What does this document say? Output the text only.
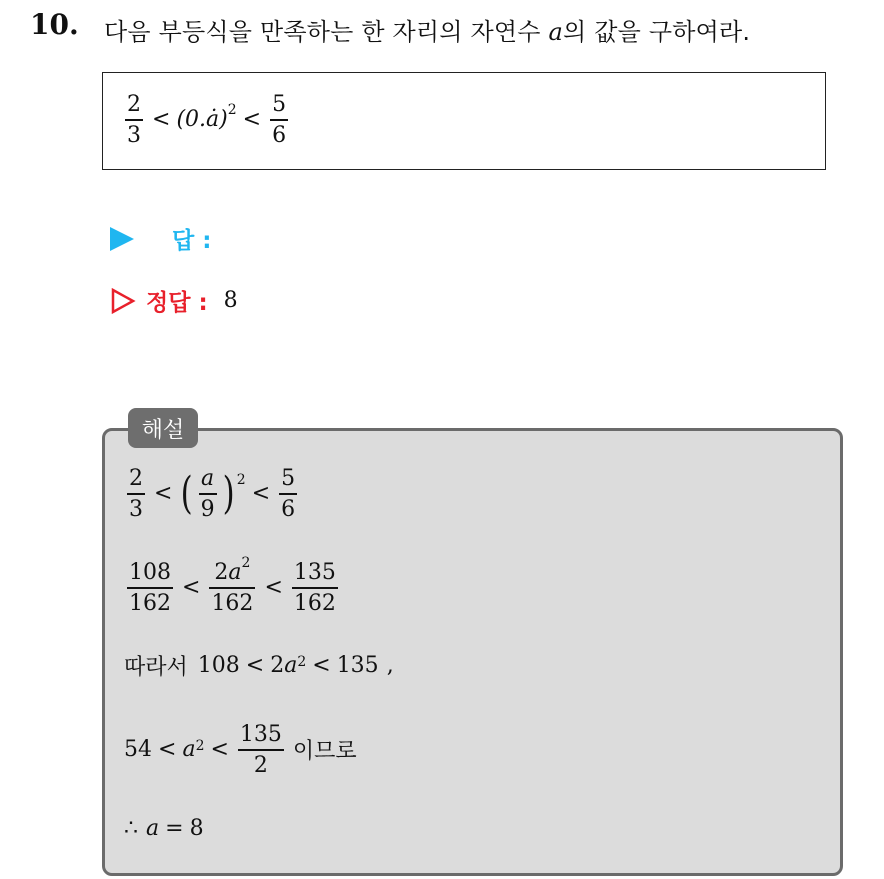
10. 다음 부등식을 만족하는 한 자리의 자연수 a의 값을 구하여라.
$\frac{2}{3}$ < (0.ȧ)$^2$ < $\frac{5}{6}$
답 :
정답 : 8
해설
$\frac{2}{3}$ < ( $\frac{a}{9} )^2$
< $\frac{5}{6}$
$\frac{108}{162} < \frac{2a^2}{162} < \frac{135}{162}$
따라서 108 < 2 $a^2 < 135$ ,
$54 < a^2 < \frac{135}{2}$ 이므로
∴ a = 8
